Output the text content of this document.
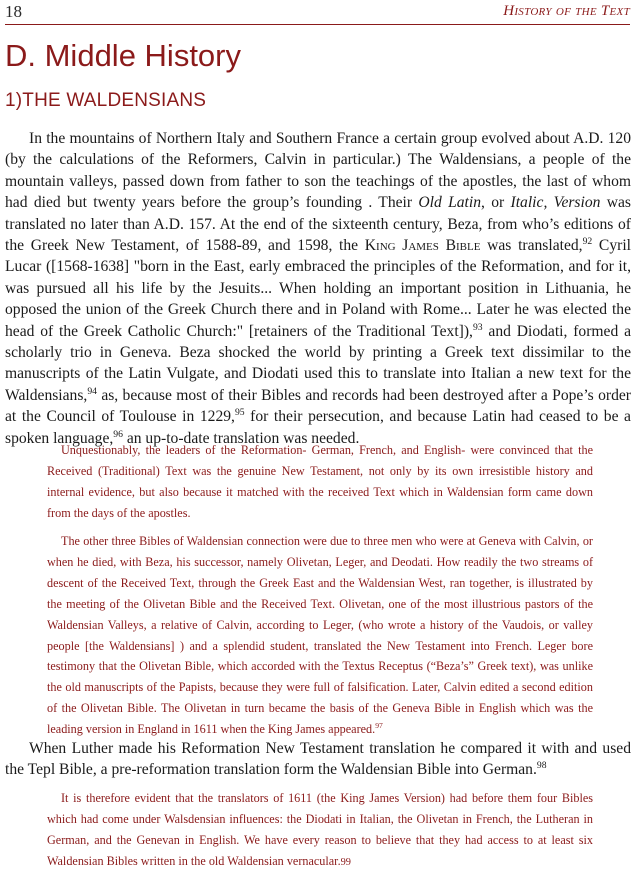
18	History of the Text
D. Middle History
1)THE WALDENSIANS

In the mountains of Northern Italy and Southern France a certain group evolved about A.D. 120 (by the calculations of the Reformers, Calvin in particular.) The Waldensians, a people of the mountain valleys, passed down from father to son the teachings of the apostles, the last of whom had died but twenty years before the group’s founding . Their Old Latin, or Italic, Version was translated no later than A.D. 157. At the end of the sixteenth century, Beza, from who’s editions of the Greek New Testament, of 1588-89, and 1598, the King James Bible was translated,$^{92}$ Cyril Lucar ([1568-1638] "born in the East, early embraced the principles of the Reformation, and for it, was pursued all his life by the Jesuits... When holding an important position in Lithuania, he opposed the union of the Greek Church there and in Poland with Rome... Later he was elected the head of the Greek Catholic Church:" [retainers of the Traditional Text]),$^{93}$ and Diodati, formed a scholarly trio in Geneva. Beza shocked the world by printing a Greek text dissimilar to the manuscripts of the Latin Vulgate, and Diodati used this to translate into Italian a new text for the Waldensians,$^{94}$ as, because most of their Bibles and records had been destroyed after a Pope’s order at the Council of Toulouse in 1229,95 for their persecution, and because Latin had ceased to be a spoken language,$^{96}$ an up-to-date translation was needed.

Unquestionably, the leaders of the Reformation- German, French, and English- were convinced that the Received (Traditional) Text was the genuine New Testament, not only by its own irresistible history and internal evidence, but also because it matched with the received Text which in Waldensian form came down from the days of the apostles.

The other three Bibles of Waldensian connection were due to three men who were at Geneva with Calvin, or when he died, with Beza, his successor, namely Olivetan, Leger, and Deodati. How readily the two streams of descent of the Received Text, through the Greek East and the Waldensian West, ran together, is illustrated by the meeting of the Olivetan Bible and the Received Text. Olivetan, one of the most illustrious pastors of the Waldensian Valleys, a relative of Calvin, according to Leger, (who wrote a history of the Vaudois, or valley people [the Waldensians] ) and a splendid student, translated the New Testament into French. Leger bore testimony that the Olivetan Bible, which accorded with the Textus Receptus (“Beza’s” Greek text), was unlike the old manuscripts of the Papists, because they were full of falsification. Later, Calvin edited a second edition of the Olivetan Bible. The Olivetan in turn became the basis of the Geneva Bible in English which was the leading version in England in 1611 when the King James appeared.$^{97}$

When Luther made his Reformation New Testament translation he compared it with and used the Tepl Bible, a pre-reformation translation form the Waldensian Bible into German.$^{98}$

It is therefore evident that the translators of 1611 (the King James Version) had before them four Bibles which had come under Walsdensian influences: the Diodati in Italian, the Olivetan in French, the Lutheran in German, and the Genevan in English. We have every reason to believe that they had access to at least six Waldensian Bibles written in the old Waldensian vernacular.99
